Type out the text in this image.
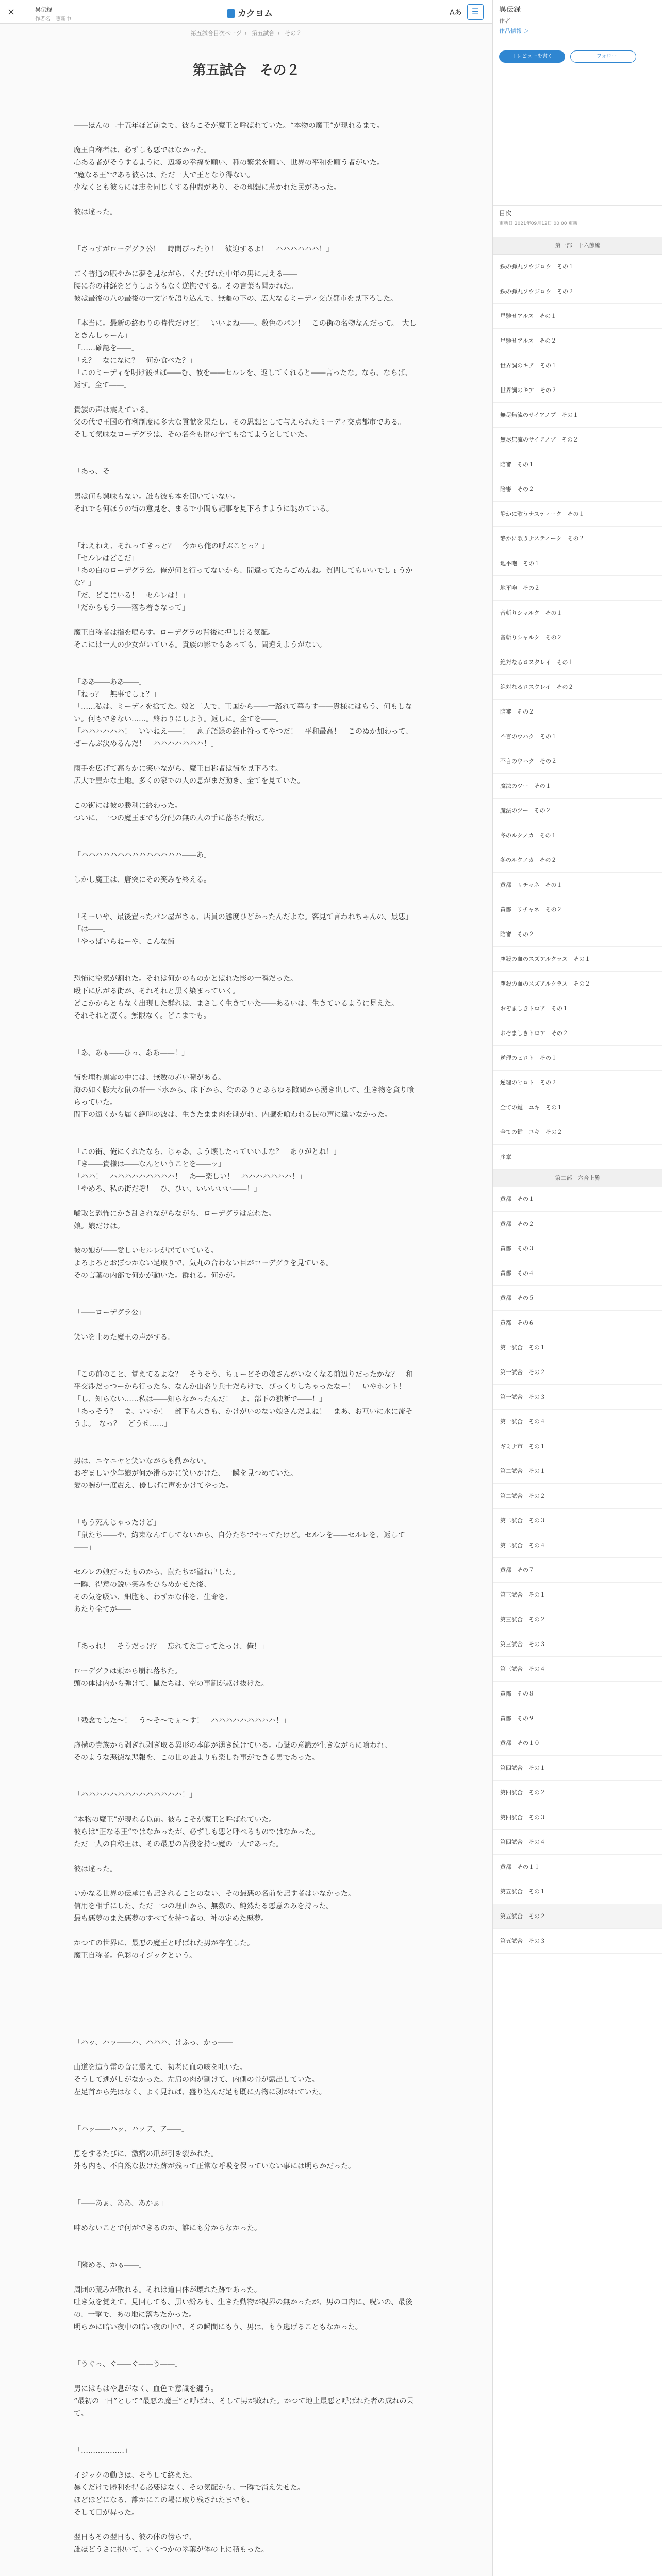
✕	異伝録
作者名　 更新中
カクヨム	Aあ	☰
第五試合目次ページ › 第五試合 › その２
第五試合　その２

――ほんの二十五年ほど前まで、彼らこそが魔王と呼ばれていた。“本物の魔王”が現れるまで。

魔王自称者は、必ずしも悪ではなかった。

心ある者がそうするように、辺境の幸福を願い、種の繁栄を願い、世界の平和を願う者がいた。

“魔なる王”である彼らは、ただ一人で王となり得ない。

少なくとも彼らには志を同じくする仲間があり、その理想に惹かれた民があった。

彼は違った。

「さっすがローデグラ公！　時間ぴったり！　歓迎するよ！　ハハハハハハ！」

ごく普通の賑やかに夢を見ながら、くたびれた中年の男に見える――

腰に巻の神経をどうしようもなく逆撫でする。その言葉も聞かれた。

彼は最後の八の最後の一文字を語り込んで、無疆の下の、広大なるミーディ交点都市を見下ろした。

「本当に。最新の終わりの時代だけど！　いいよね――。数色のパン！　この街の名物なんだって。　大しときんしゃーん」

「……確認を――」

「え？　なになに？　何か食べた？」

「このミーディを明け渡せば――む、彼を――セルレを、返してくれると――言ったな。なら、ならば、返す。全て――」

貴族の声は震えている。

父の代で王国の有利制度に多大な貢献を果たし、その思想として与えられたミーディ交点都市である。

そして気味なローデグラは、その名誉も財の全ても捨てようとしていた。

「あっ、そ」

男は何も興味もない。誰も彼も本を開いていない。

それでも何ほうの街の意見を、まるで小間も記事を見下ろすように眺めている。

「ねえねえ、それってきっと？　今から俺の呼ぶことっ？」

「セルレはどこだ」

「あの白のローデグラ公。俺が何と行ってないから、間違ってたらごめんね。質問してもいいでしょうかな？」

「だ、どこにいる！　セルレは！」

「だからもう――落ち着きなって」

魔王自称者は指を鳴らす。ローデグラの背後に押しける気配。

そこには一人の少女がいている。貴族の影でもあっても、間違えようがない。

「ああ――ああ――」

「ねっ？　無事でしょ？」

「……私は、ミーディを捨てた。娘と二人で、王国から――一路れて暮らす――貴様にはもう、何もしない。何もできない……。終わりにしよう。返しに。全てを――」

「ハハハハハハ！　いいねえ――！　息子語録の終止符ってやつだ！　平和最高！　このぬか加わって、ぜーんぶ決めるんだ！　ハハハハハハハ！」

雨手を広げて高らかに笑いながら、魔王自称者は街を見下ろす。

広大で豊かな土地。多くの家での人の息がまだ動き、全てを見ていた。

この街には彼の勝利に終わった。

ついに、一つの魔王までも分配の無の人の手に落ちた戦だ。

「ハハハハハハハハハハハハハハ――あ」

しかし魔王は、唐突にその笑みを終える。

「そーいや、最後置ったパン屋がさぁ、店員の態度ひどかったんだよな。客見て言われちゃんの、最悪」

「は――」

「やっぱいらねーや、こんな街」

恐怖に空気が割れた。それは何かのものかとばれた影の一瞬だった。

殴下に広がる街が、それそれと黒く染まっていく。

どこかからともなく出現した群れは、まさしく生きていた――あるいは、生きているように見えた。

それそれと凄く。無限なく。どこまでも。

「あ、あぁ――ひっ、ああ――！」

街を埋む黒雲の中には、無数の赤い瞳がある。

海の如く膨大な鼠の群──下水から、床下から、街のありとあらゆる隙間から湧き出して、生き物を貪り喰らっていた。

間下の遠くから届く絶叫の波は、生きたまま肉を削がれ、内臓を喰われる民の声に違いなかった。

「この街、俺にくれたなら、じゃあ、よう壊したっていいよな？　ありがとね！」

「き――貴様は――なんということを――ッ」

「ハハ！　ハハハハハハハハハ！　あ──楽しい！　ハハハハハハハ！」

「やめろ、私の街だぞ！　ひ、ひい、いいいいい――！」

噛取と恐怖にかき乱されながらながら、ローデグラは忘れた。

娘。娘だけは。

彼の娘が――愛しいセルレが居ていている。

よろよろとおぼつかない足取りで、気丸の合わない目がローデグラを見ている。

その言葉の内部で何かが動いた。群れる。何かが。

「――ローデグラ公」

笑いを止めた魔王の声がする。

「この前のこと、覚えてるよな？　そうそう、ちょーどその娘さんがいなくなる前辺りだったかな？　和平交渉だっつーから行ったら、なんか山盛り兵士だらけで、びっくりしちゃったなー！　いやホント！」

「し、知らない……私は――知らなかったんだ！　よ、部下の独断で――！」

「あっそう？　ま、いいか！　部下も大きも、かけがいのない娘さんだよね！　まあ、お互いに水に流そうよ。　なっ？　どうせ……」

男は、ニヤニヤと笑いながらも動かない。

おぞましい少年娘が何か滑らかに笑いかけた、一瞬を見つめていた。

愛の腕が一度震え、優しげに声をかけてやった。

「もう死んじゃったけど」

「鼠たち――や、約束なんてしてないから、自分たちでやってたけど。セルレを――セルレを、返して――」

セルレの娘だったものから、鼠たちが溢れ出した。

一瞬、得意の鋭い笑みをひらめかせた後、

その気を吸い、細胞も、わずかな体を、生命を、

あたり全てが――

「あっれ！　そうだっけ？　忘れてた言ってたっけ、俺！」

ローデグラは頭から崩れ落ちた。

頭の体は内から弾けて、鼠たちは、空の事割が駆け抜けた。

「残念でした～！　う～そ～でぇ～す！　ハハハハハハハハハ！」

虚構の貴族から剥ぎれ剥ぎ取る異形の本能が湧き続けている。心臓の意識が生きながらに喰われ、

そのような悪徳な悲報を、この世の誰よりも楽しむ事ができる男であった。

「ハハハハハハハハハハハハハハ！」

“本物の魔王”が現れる以前。彼らこそが魔王と呼ばれていた。

彼らは“正なる王”ではなかったが、必ずしも悪と呼べるものではなかった。

ただ一人の自称王は、その最悪の苦役を持つ魔の一人であった。

彼は違った。

いかなる世界の伝承にも記されることのない、その最悪の名前を記す者はいなかった。

信用を相手にした、ただ一つの理由から、無数の、純然たる悪意のみを持った。

最も悪夢のまた悪夢のすべてを持つ者の、神の定めた悪夢。

かつての世界に、最悪の魔王と呼ばれた男が存在した。

魔王自称者。色彩のイジックという。

「ハッ、ハッ――ハ、ハハハ、けふっ、かっ――」

山道を這う雷の音に震えて、初老に血の咳を吐いた。

そうして逃がしがなかった。左肩の肉が割けて、内側の骨が露出していた。

左足首から先はなく、よく見れば、盛り込んだ足も既に刃物に剥がれていた。

「ハッ――ハッ、ハァア、ア――」

息をするたびに、激痛の爪が引き裂かれた。

外も内も、不自然な抜けた跡が残って正常な呼吸を保っていない事には明らかだった。

「――あぁ、ああ、あかぁ」

呻めないことで何ができるのか、誰にも分からなかった。

「隣める、かぁ――」

周囲の荒みが散れる。それは道自体が壊れた跡であった。

吐き気を覚えて、見回しても、黒い紛みも、生きた動物が視界の無かったが、男の口内に、呪いの、最後の、一撃で、あの地に落ちたかった。

明らかに暗い夜中の暗い夜の中で、その瞬間にもう、男は、もう逃げることもなかった。

「うぐっ、ぐ――ぐ――う――」

男にはもはや息がなく、血色で意識を纏う。

“最初の一日”として“最悪の魔王”と呼ばれ、そして男が敗れた。かつて地上最悪と呼ばれた者の成れの果て。

「………………」

イジックの動きは、そうして終えた。

暴くだけで勝利を得る必要はなく、その気配から、一瞬で消え失せた。

ほどほどになる、誰かにこの場に取り残されたまでも、

そして日が昇った。

翌日もその翌日も、彼の体の傍らで、

誰ほどうさに抱いて、いくつかの翠葉が体の上に積もった。

異伝録
作者
作品情報 ＞
＋レビューを書く	＋ フォロー
目次
更新日 2021年09月12日 00:00 更新
第一部　十六節編
鉄の弾丸ソウジロウ　その１
鉄の弾丸ソウジロウ　その２
星馳せアルス　その１
星馳せアルス　その２
世界詞のキア　その１
世界詞のキア　その２
無尽無流のサイアノプ　その１
無尽無流のサイアノプ　その２
陪審　その１
陪審　その２
静かに歌うナスティーク　その１
静かに歌うナスティーク　その２
地平咆　その１
地平咆　その２
音斬りシャルク　その１
音斬りシャルク　その２
絶対なるロスクレイ　その１
絶対なるロスクレイ　その２
陪審　その２
不言のウハク　その１
不言のウハク　その２
魔法のツー　その１
魔法のツー　その２
冬のルクノカ　その１
冬のルクノカ　その２
黄都　リチャネ　その１
黄都　リチャネ　その２
陪審　その２
塵殺の血のスズアルクラス　その１
塵殺の血のスズアルクラス　その２
おぞましきトロア　その１
おぞましきトロア　その２
逆理のヒロト　その１
逆理のヒロト　その２
全ての鍵　ユキ　その１
全ての鍵　ユキ　その２
序章
第二部　六合上覧
黄都　その１
黄都　その２
黄都　その３
黄都　その４
黄都　その５
黄都　その６
第一試合　その１
第一試合　その２
第一試合　その３
第一試合　その４
ギミナ市　その１
第二試合　その１
第二試合　その２
第二試合　その３
第二試合　その４
黄都　その７
第三試合　その１
第三試合　その２
第三試合　その３
第三試合　その４
黄都　その８
黄都　その９
黄都　その１０
第四試合　その１
第四試合　その２
第四試合　その３
第四試合　その４
黄都　その１１
第五試合　その１
第五試合　その２
第五試合　その３
